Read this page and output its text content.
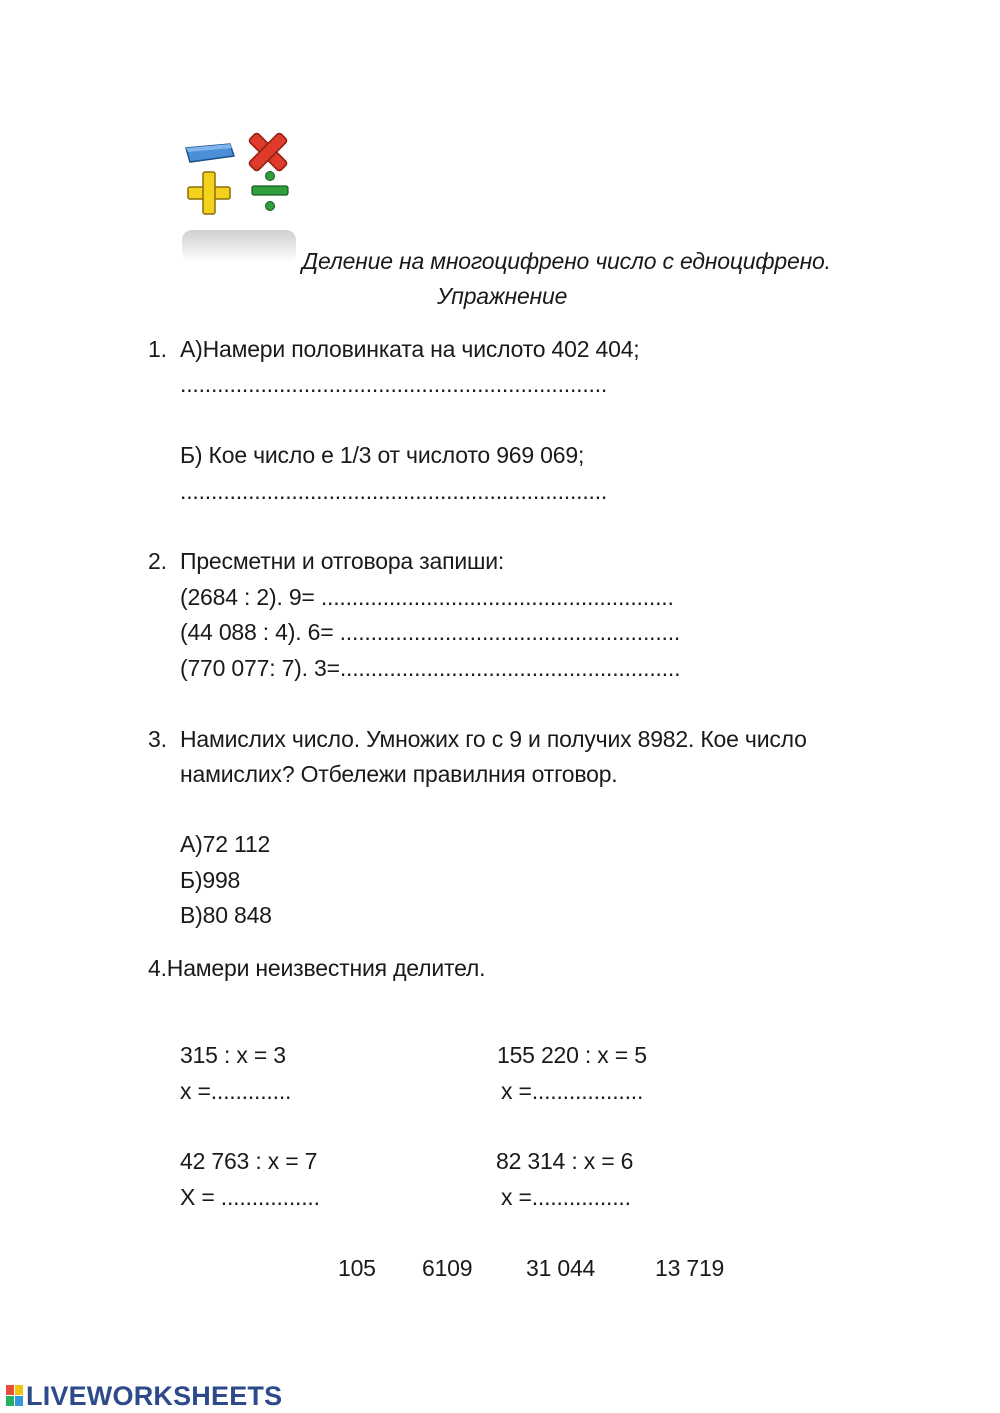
Деление на многоцифрено число с едноцифрено.
Упражнение
1. А)Намери половинката на числото 402 404;
.....................................................................
Б) Кое число е 1/3 от числото 969 069;
.....................................................................
2. Пресметни и отговора запиши:
(2684 : 2). 9= .........................................................
(44 088 : 4). 6= .......................................................
(770 077: 7). 3=.......................................................
3. Намислих число. Умножих го с 9 и получих 8982. Кое число
намислих? Отбележи правилния отговор.
А)72 112
Б)998
В)80 848
4.Намери неизвестния делител.
315 : x = 3
x =.............
155 220 : x = 5
x =..................
42 763 : x = 7
Х = ................
82 314 : x = 6
x =................
105 6109 31 044	13 719
LIVEWORKSHEETS
